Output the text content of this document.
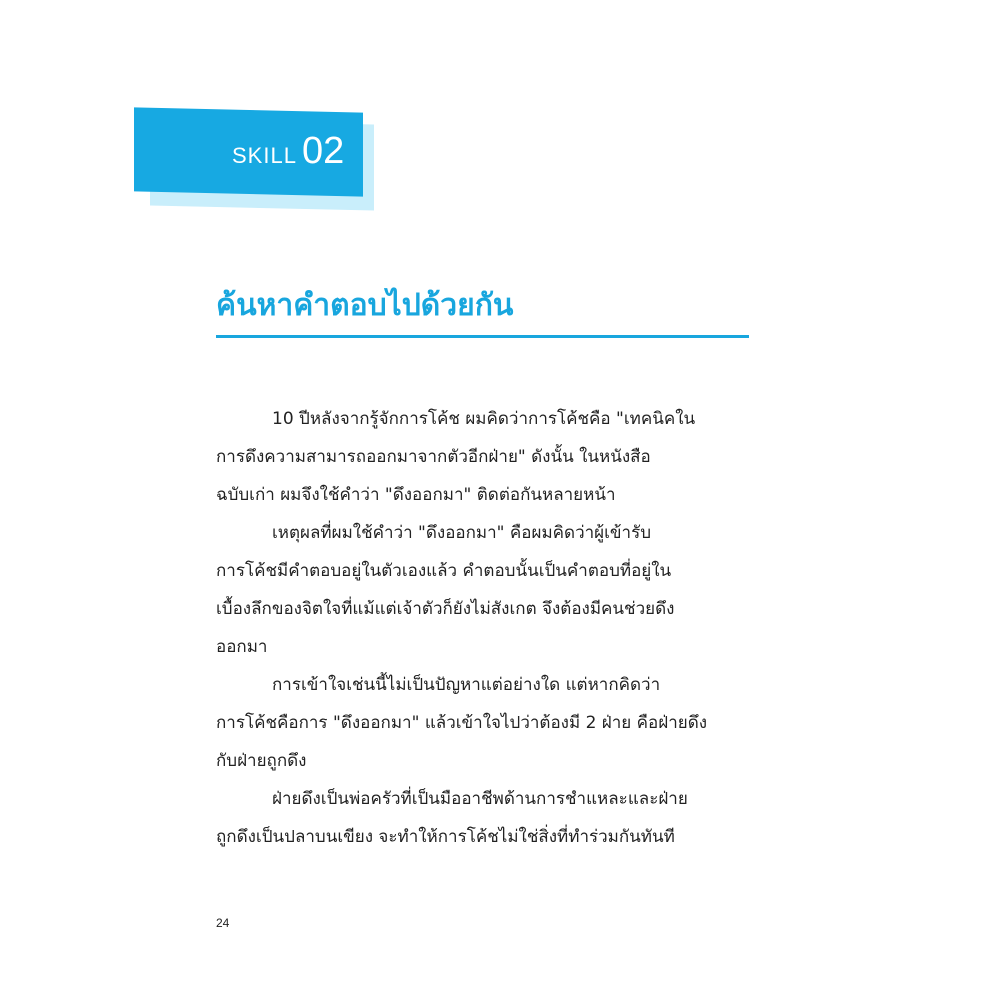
SKILL 02
ค้นหาคำตอบไปด้วยกัน
10 ปีหลังจากรู้จักการโค้ช ผมคิดว่าการโค้ชคือ "เทคนิคใน
การดึงความสามารถออกมาจากตัวอีกฝ่าย" ดังนั้น ในหนังสือ
ฉบับเก่า ผมจึงใช้คำว่า "ดึงออกมา" ติดต่อกันหลายหน้า
เหตุผลที่ผมใช้คำว่า "ดึงออกมา" คือผมคิดว่าผู้เข้ารับ
การโค้ชมีคำตอบอยู่ในตัวเองแล้ว คำตอบนั้นเป็นคำตอบที่อยู่ใน
เบื้องลึกของจิตใจที่แม้แต่เจ้าตัวก็ยังไม่สังเกต จึงต้องมีคนช่วยดึง
ออกมา
การเข้าใจเช่นนี้ไม่เป็นปัญหาแต่อย่างใด แต่หากคิดว่า
การโค้ชคือการ "ดึงออกมา" แล้วเข้าใจไปว่าต้องมี 2 ฝ่าย คือฝ่ายดึง
กับฝ่ายถูกดึง
ฝ่ายดึงเป็นพ่อครัวที่เป็นมืออาชีพด้านการชำแหละและฝ่าย
ถูกดึงเป็นปลาบนเขียง จะทำให้การโค้ชไม่ใช่สิ่งที่ทำร่วมกันทันที
24
